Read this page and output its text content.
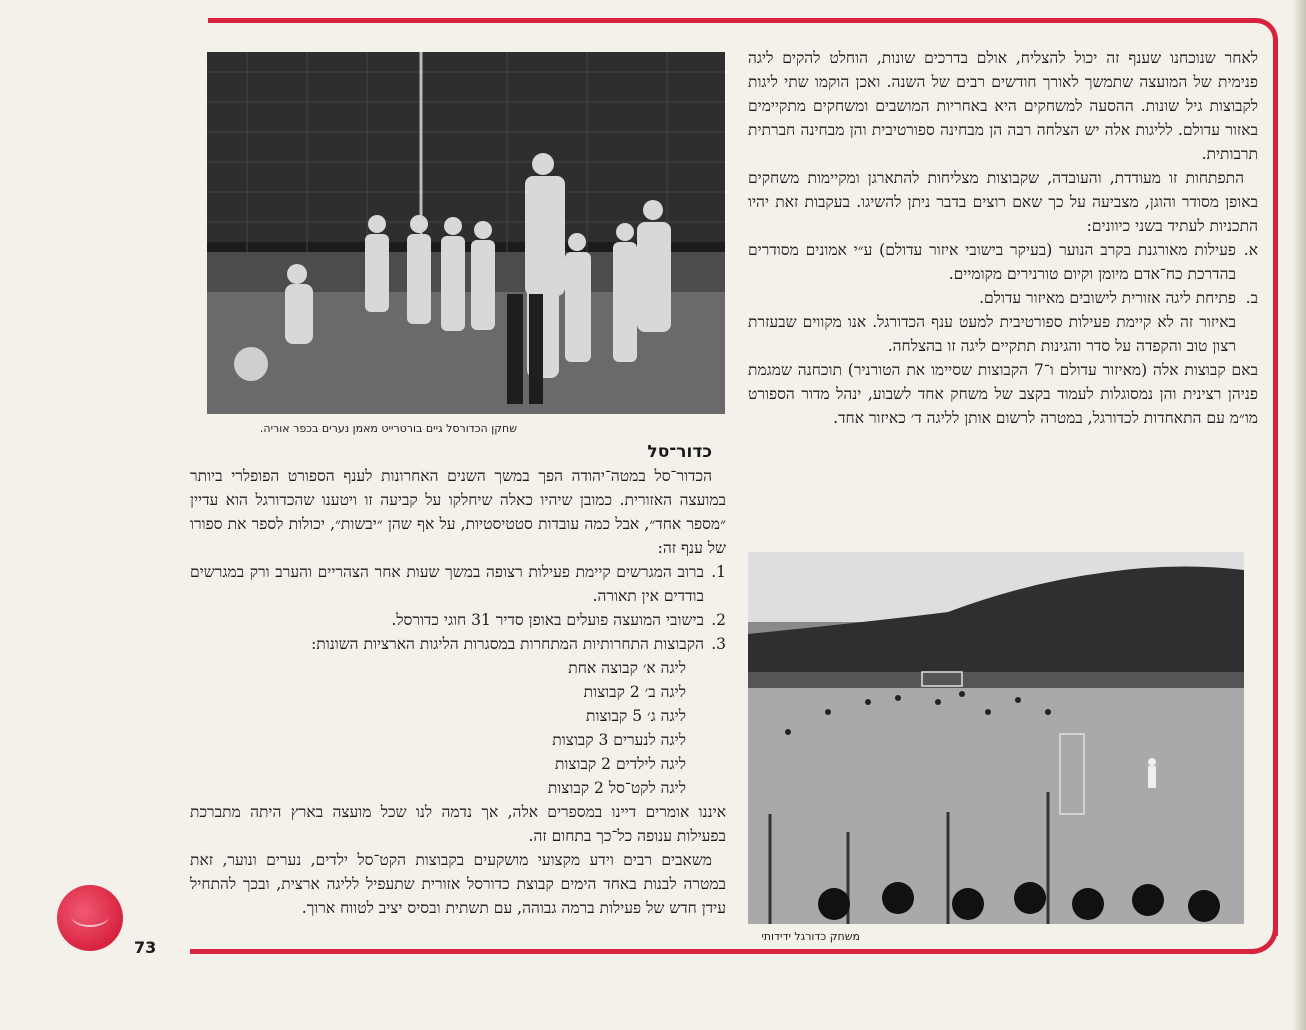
שחקן הכדורסל גיים בורטרייט מאמן נערים בכפר אוריה.
משחק כדורגל ידידותי

לאחר שנוכחנו שענף זה יכול להצליח, אולם בדרכים שונות, הוחלט להקים ליגה פנימית של המועצה שתמשך לאורך חודשים רבים של השנה. ואכן הוקמו שתי ליגות לקבוצות גיל שונות. ההסעה למשחקים היא באחריות המושבים ומשחקים מתקיימים באזור עדולם. לליגות אלה יש הצלחה רבה הן מבחינה ספורטיבית והן מבחינה חברתית תרבותית.

התפתחות זו מעודדת, והעובדה, שקבוצות מצליחות להתארגן ומקיימות משחקים באופן מסודר והוגן, מצביעה על כך שאם רוצים בדבר ניתן להשיגו. בעקבות זאת יהיו התכניות לעתיד בשני כיוונים:

א.
פעילות מאורגנת בקרב הנוער (בעיקר בישובי איזור עדולם) ע״י אמונים מסודרים בהדרכת כח־אדם מיומן וקיום טורנירים מקומיים.
ב.
פתיחת ליגה אזורית לישובים מאיזור עדולם.
באיזור זה לא קיימת פעילות ספורטיבית למעט ענף הכדורגל. אנו מקווים שבעזרת רצון טוב והקפדה על סדר והגינות תתקיים ליגה זו בהצלחה.

באם קבוצות אלה (מאיזור עדולם ו־7 הקבוצות שסיימו את הטורניר) תוכחנה שמגמת פניהן רצינית והן נמסוגלות לעמוד בקצב של משחק אחד לשבוע, ינהל מדור הספורט מו״מ עם התאחדות לכדורגל, במטרה לרשום אותן לליגה ד׳ כאיזור אחד.

כדור־סל

הכדור־סל במטה־יהודה הפך במשך השנים האחרונות לענף הספורט הפופלרי ביותר במועצה האזורית. כמובן שיהיו כאלה שיחלקו על קביעה זו ויטענו שהכדורגל הוא עדיין ״מספר אחד״, אבל כמה עובדות סטטיסטיות, על אף שהן ״יבשות״, יכולות לספר את ספורו של ענף זה:

1.
ברוב המגרשים קיימת פעילות רצופה במשך שעות אחר הצהריים והערב ורק במגרשים בודדים אין תאורה.
2.
בישובי המועצה פועלים באופן סדיר 31 חוגי כדורסל.
3.
הקבוצות התחרותיות המתחרות במסגרות הליגות הארציות השונות:
ליגה א׳ קבוצה אחת
ליגה ב׳ 2 קבוצות
ליגה ג׳ 5 קבוצות
ליגה לנערים 3 קבוצות
ליגה לילדים 2 קבוצות
ליגה לקט־סל 2 קבוצות

איננו אומרים דיינו במספרים אלה, אך נדמה לנו שכל מועצה בארץ היתה מתברכת בפעילות ענופה כל־כך בתחום זה.

משאבים רבים וידע מקצועי מושקעים בקבוצות הקט־סל ילדים, נערים ונוער, זאת במטרה לבנות באחד הימים קבוצת כדורסל אזורית שתעפיל לליגה ארצית, ובכך להתחיל עידן חדש של פעילות ברמה גבוהה, עם תשתית ובסיס יציב לטווח ארוך.

73
